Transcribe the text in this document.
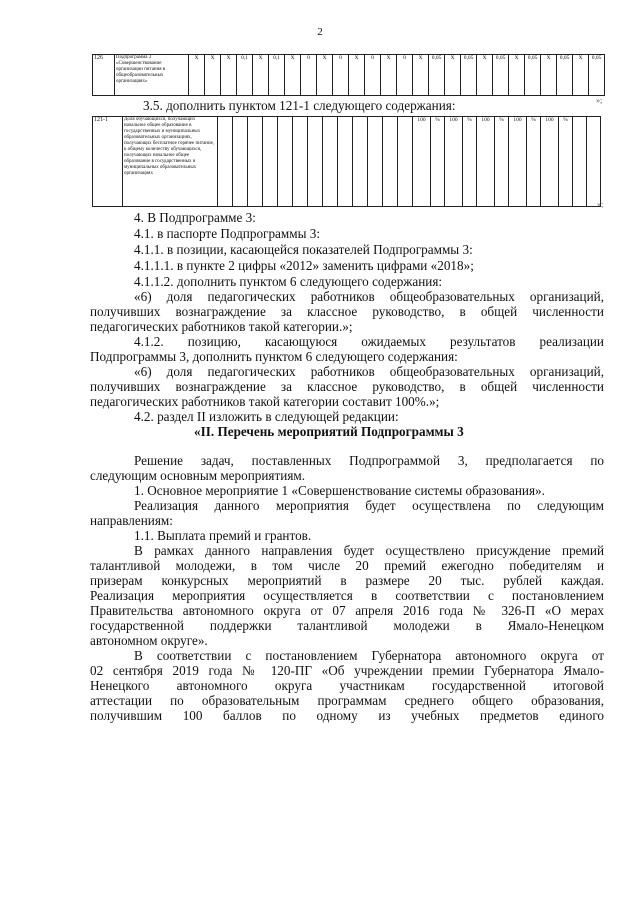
2
126	Подпрограмма 3 «Совершенствование организации питания в общеобразовательных организациях»	X	X	X	0,1	X	0,1	X	0	X	0	X	0	X	0	X	0,05	X	0,05	X	0,05	X	0,05	X	0,05	X	0,05
»;
3.5. дополнить пунктом 121-1 следующего содержания:
121-1	Доля обучающихся, получающих начальное общее образование в государственных и муниципальных образовательных организациях, получающих бесплатное горячее питание, к общему количеству обучающихся, получающих начальное общее образование в государственных и муниципальных образовательных организациях														100	%	100	%	100	%	100	%	100	%		
»;
4. В Подпрограмме 3:
4.1. в паспорте Подпрограммы 3:
4.1.1. в позиции, касающейся показателей Подпрограммы 3:
4.1.1.1. в пункте 2 цифры «2012» заменить цифрами «2018»;
4.1.1.2. дополнить пунктом 6 следующего содержания:
«6) доля педагогических работников общеобразовательных организаций,
получивших вознаграждение за классное руководство, в общей численности
педагогических работников такой категории.»;
4.1.2. позицию, касающуюся ожидаемых результатов реализации
Подпрограммы 3, дополнить пунктом 6 следующего содержания:
«6) доля педагогических работников общеобразовательных организаций,
получивших вознаграждение за классное руководство, в общей численности
педагогических работников такой категории составит 100%.»;
4.2. раздел II изложить в следующей редакции:
«II. Перечень мероприятий Подпрограммы 3
Решение задач, поставленных Подпрограммой 3, предполагается по
следующим основным мероприятиям.
1. Основное мероприятие 1 «Совершенствование системы образования».
Реализация данного мероприятия будет осуществлена по следующим
направлениям:
1.1. Выплата премий и грантов.
В рамках данного направления будет осуществлено присуждение премий
талантливой молодежи, в том числе 20 премий ежегодно победителям и
призерам конкурсных мероприятий в размере 20 тыс. рублей каждая.
Реализация мероприятия осуществляется в соответствии с постановлением
Правительства автономного округа от 07 апреля 2016 года № 326-П «О мерах
государственной поддержки талантливой молодежи в Ямало-Ненецком
автономном округе».
В соответствии с постановлением Губернатора автономного округа от
02 сентября 2019 года № 120-ПГ «Об учреждении премии Губернатора Ямало-
Ненецкого автономного округа участникам государственной итоговой
аттестации по образовательным программам среднего общего образования,
получившим 100 баллов по одному из учебных предметов единого
